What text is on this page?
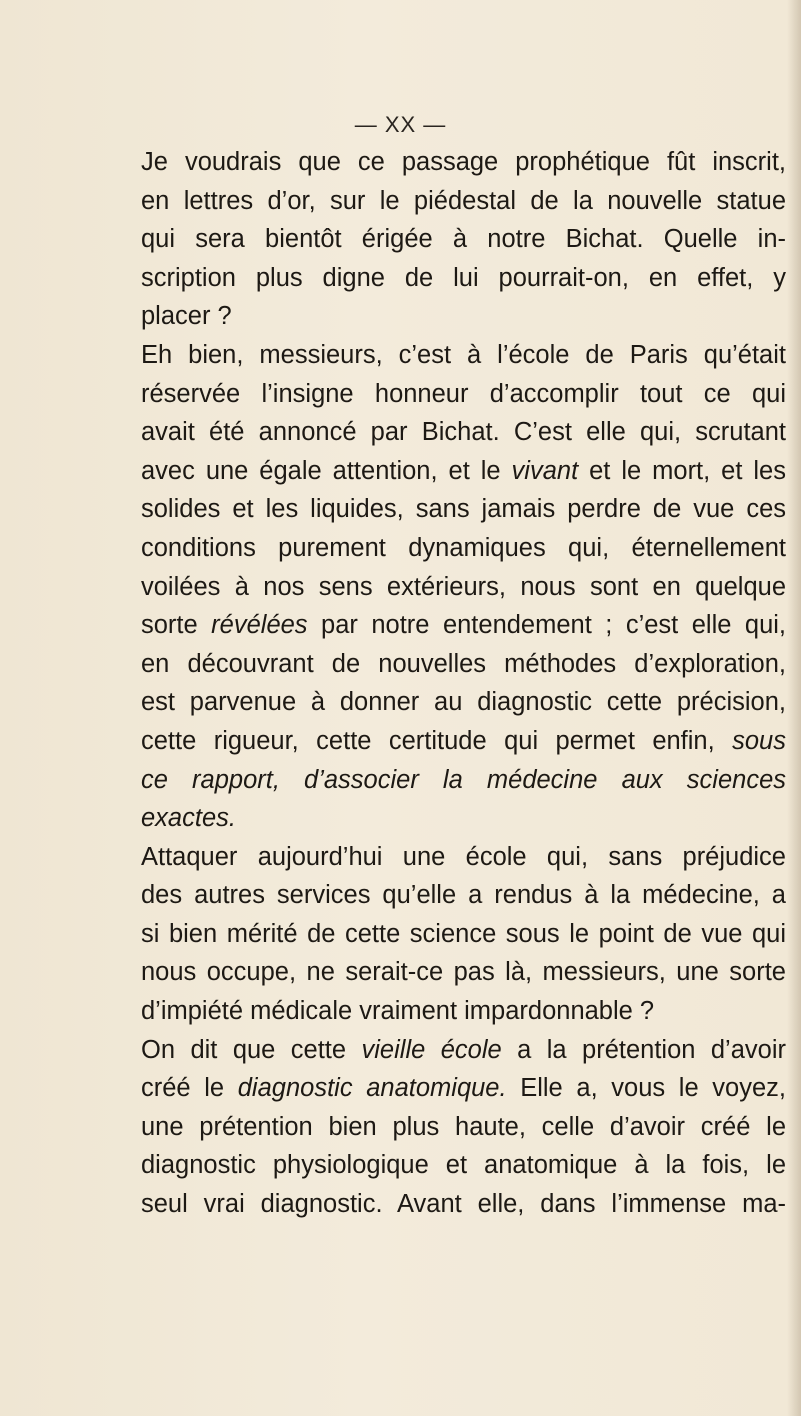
— XX —
Je voudrais que ce passage prophétique fût inscrit,
en lettres d’or, sur le piédestal de la nouvelle statue
qui sera bientôt érigée à notre Bichat. Quelle in-
scription plus digne de lui pourrait-on, en effet, y
placer ?
Eh bien, messieurs, c’est à l’école de Paris qu’était
réservée l’insigne honneur d’accomplir tout ce qui
avait été annoncé par Bichat. C’est elle qui, scrutant
avec une égale attention, et le vivant et le mort, et les
solides et les liquides, sans jamais perdre de vue ces
conditions purement dynamiques qui, éternellement
voilées à nos sens extérieurs, nous sont en quelque
sorte révélées par notre entendement ; c’est elle qui,
en découvrant de nouvelles méthodes d’exploration,
est parvenue à donner au diagnostic cette précision,
cette rigueur, cette certitude qui permet enfin, sous
ce rapport, d’associer la médecine aux sciences
exactes.
Attaquer aujourd’hui une école qui, sans préjudice
des autres services qu’elle a rendus à la médecine, a
si bien mérité de cette science sous le point de vue qui
nous occupe, ne serait-ce pas là, messieurs, une sorte
d’impiété médicale vraiment impardonnable ?
On dit que cette vieille école a la prétention d’avoir
créé le diagnostic anatomique. Elle a, vous le voyez,
une prétention bien plus haute, celle d’avoir créé le
diagnostic physiologique et anatomique à la fois, le
seul vrai diagnostic. Avant elle, dans l’immense ma-
